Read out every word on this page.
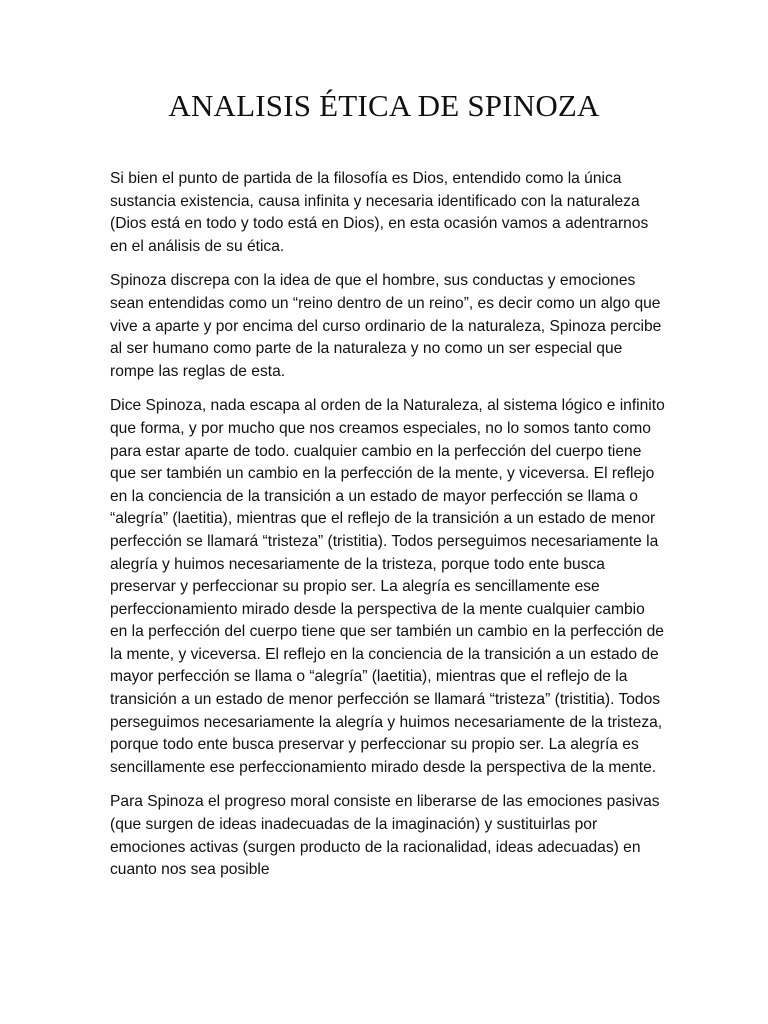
ANALISIS ÉTICA DE SPINOZA

Si bien el punto de partida de la filosofía es Dios, entendido como la única sustancia existencia, causa infinita y necesaria identificado con la naturaleza (Dios está en todo y todo está en Dios), en esta ocasión vamos a adentrarnos en el análisis de su ética.

Spinoza discrepa con la idea de que el hombre, sus conductas y emociones sean entendidas como un “reino dentro de un reino”, es decir como un algo que vive a aparte y por encima del curso ordinario de la naturaleza, Spinoza percibe al ser humano como parte de la naturaleza y no como un ser especial que rompe las reglas de esta.

Dice Spinoza, nada escapa al orden de la Naturaleza, al sistema lógico e infinito que forma, y por mucho que nos creamos especiales, no lo somos tanto como para estar aparte de todo. cualquier cambio en la perfección del cuerpo tiene que ser también un cambio en la perfección de la mente, y viceversa. El reflejo en la conciencia de la transición a un estado de mayor perfección se llama o “alegría” (laetitia), mientras que el reflejo de la transición a un estado de menor perfección se llamará “tristeza” (tristitia). Todos perseguimos necesariamente la alegría y huimos necesariamente de la tristeza, porque todo ente busca preservar y perfeccionar su propio ser. La alegría es sencillamente ese perfeccionamiento mirado desde la perspectiva de la mente cualquier cambio en la perfección del cuerpo tiene que ser también un cambio en la perfección de la mente, y viceversa. El reflejo en la conciencia de la transición a un estado de mayor perfección se llama o “alegría” (laetitia), mientras que el reflejo de la transición a un estado de menor perfección se llamará “tristeza” (tristitia). Todos perseguimos necesariamente la alegría y huimos necesariamente de la tristeza, porque todo ente busca preservar y perfeccionar su propio ser. La alegría es sencillamente ese perfeccionamiento mirado desde la perspectiva de la mente.

Para Spinoza el progreso moral consiste en liberarse de las emociones pasivas (que surgen de ideas inadecuadas de la imaginación) y sustituirlas por emociones activas (surgen producto de la racionalidad, ideas adecuadas) en cuanto nos sea posible
